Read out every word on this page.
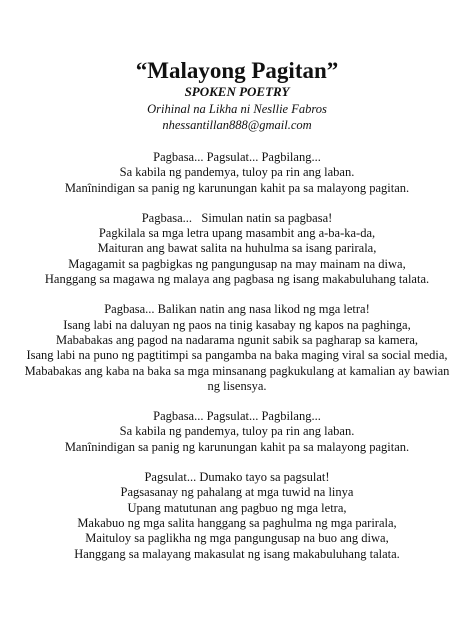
“Malayong Pagitan”
SPOKEN POETRY
Orihinal na Likha ni Nesllie Fabros
nhessantillan888@gmail.com
Pagbasa... Pagsulat... Pagbilang...
Sa kabila ng pandemya, tuloy pa rin ang laban.
Manînindigan sa panig ng karunungan kahit pa sa malayong pagitan.
Pagbasa...   Simulan natin sa pagbasa!
Pagkilala sa mga letra upang masambit ang a-ba-ka-da,
Maituran ang bawat salita na huhulma sa isang parirala,
Magagamit sa pagbigkas ng pangungusap na may mainam na diwa,
Hanggang sa magawa ng malaya ang pagbasa ng isang makabuluhang talata.
Pagbasa... Balikan natin ang nasa likod ng mga letra!
Isang labi na daluyan ng paos na tinig kasabay ng kapos na paghinga,
Mababakas ang pagod na nadarama ngunit sabik sa pagharap sa kamera,
Isang labi na puno ng pagtitimpi sa pangamba na baka maging viral sa social media,
Mababakas ang kaba na baka sa mga minsanang pagkukulang at kamalian ay bawian ng lisensya.
Pagbasa... Pagsulat... Pagbilang...
Sa kabila ng pandemya, tuloy pa rin ang laban.
Manînindigan sa panig ng karunungan kahit pa sa malayong pagitan.
Pagsulat... Dumako tayo sa pagsulat!
Pagsasanay ng pahalang at mga tuwid na linya
Upang matutunan ang pagbuo ng mga letra,
Makabuo ng mga salita hanggang sa paghulma ng mga parirala,
Maituloy sa paglikha ng mga pangungusap na buo ang diwa,
Hanggang sa malayang makasulat ng isang makabuluhang talata.
